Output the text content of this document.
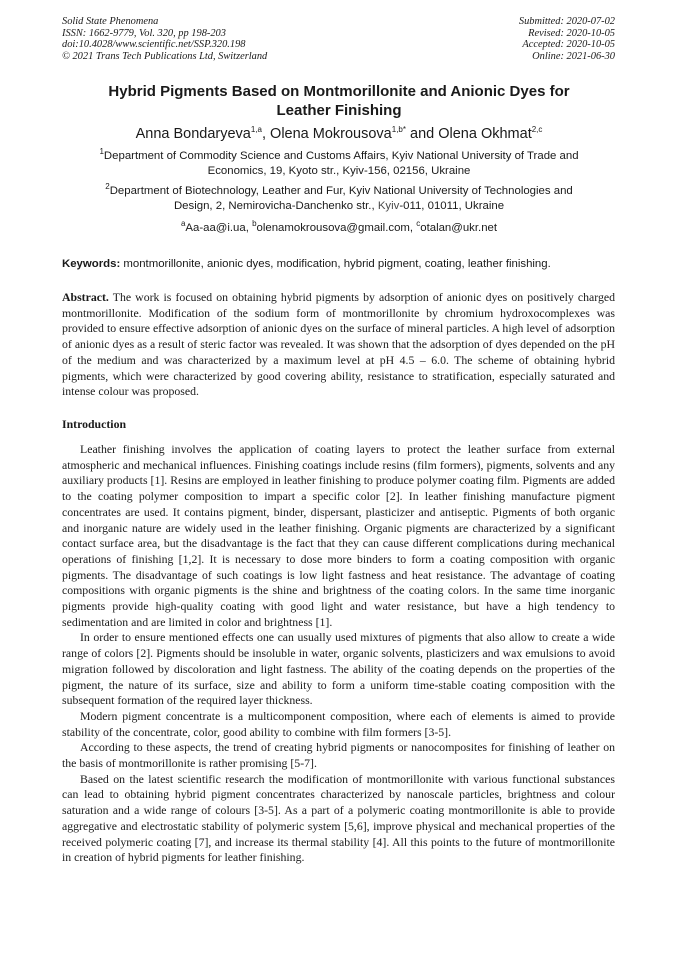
Solid State Phenomena
ISSN: 1662-9779, Vol. 320, pp 198-203
doi:10.4028/www.scientific.net/SSP.320.198
© 2021 Trans Tech Publications Ltd, Switzerland
Submitted: 2020-07-02
Revised: 2020-10-05
Accepted: 2020-10-05
Online: 2021-06-30
Hybrid Pigments Based on Montmorillonite and Anionic Dyes for
Leather Finishing
Anna Bondaryeva$^{1,a}$, Olena Mokrousova$^{1,b*}$ and Olena Okhmat$^{2,c}$
$^1$Department of Commodity Science and Customs Affairs, Kyiv National University of Trade and
Economics, 19, Kyoto str., Kyiv-156, 02156, Ukraine
$^2$Department of Biotechnology, Leather and Fur, Kyiv National University of Technologies and
Design, 2, Nemirovicha-Danchenko str., Kyiv-011, 01011, Ukraine
$^a$Aa-aa@i.ua, $^b$olenamokrousova@gmail.com, $^c$otalan@ukr.net
Keywords: montmorillonite, anionic dyes, modification, hybrid pigment, coating, leather finishing.

Abstract. The work is focused on obtaining hybrid pigments by adsorption of anionic dyes on positively charged montmorillonite. Modification of the sodium form of montmorillonite by chromium hydroxocomplexes was provided to ensure effective adsorption of anionic dyes on the surface of mineral particles. A high level of adsorption of anionic dyes as a result of steric factor was revealed. It was shown that the adsorption of dyes depended on the pH of the medium and was characterized by a maximum level at pH 4.5 – 6.0. The scheme of obtaining hybrid pigments, which were characterized by good covering ability, resistance to stratification, especially saturated and intense colour was proposed.

Introduction

Leather finishing involves the application of coating layers to protect the leather surface from external atmospheric and mechanical influences. Finishing coatings include resins (film formers), pigments, solvents and any auxiliary products [1]. Resins are employed in leather finishing to produce polymer coating film. Pigments are added to the coating polymer composition to impart a specific color [2]. In leather finishing manufacture pigment concentrates are used. It contains pigment, binder, dispersant, plasticizer and antiseptic. Pigments of both organic and inorganic nature are widely used in the leather finishing. Organic pigments are characterized by a significant contact surface area, but the disadvantage is the fact that they can cause different complications during mechanical operations of finishing [1,2]. It is necessary to dose more binders to form a coating composition with organic pigments. The disadvantage of such coatings is low light fastness and heat resistance. The advantage of coating compositions with organic pigments is the shine and brightness of the coating colors. In the same time inorganic pigments provide high-quality coating with good light and water resistance, but have a high tendency to sedimentation and are limited in color and brightness [1].

In order to ensure mentioned effects one can usually used mixtures of pigments that also allow to create a wide range of colors [2]. Pigments should be insoluble in water, organic solvents, plasticizers and wax emulsions to avoid migration followed by discoloration and light fastness. The ability of the coating depends on the properties of the pigment, the nature of its surface, size and ability to form a uniform time-stable coating composition with the subsequent formation of the required layer thickness.

Modern pigment concentrate is a multicomponent composition, where each of elements is aimed to provide stability of the concentrate, color, good ability to combine with film formers [3-5].

According to these aspects, the trend of creating hybrid pigments or nanocomposites for finishing of leather on the basis of montmorillonite is rather promising [5-7].

Based on the latest scientific research the modification of montmorillonite with various functional substances can lead to obtaining hybrid pigment concentrates characterized by nanoscale particles, brightness and colour saturation and a wide range of colours [3-5]. As a part of a polymeric coating montmorillonite is able to provide aggregative and electrostatic stability of polymeric system [5,6], improve physical and mechanical properties of the received polymeric coating [7], and increase its thermal stability [4]. All this points to the future of montmorillonite in creation of hybrid pigments for leather finishing.
